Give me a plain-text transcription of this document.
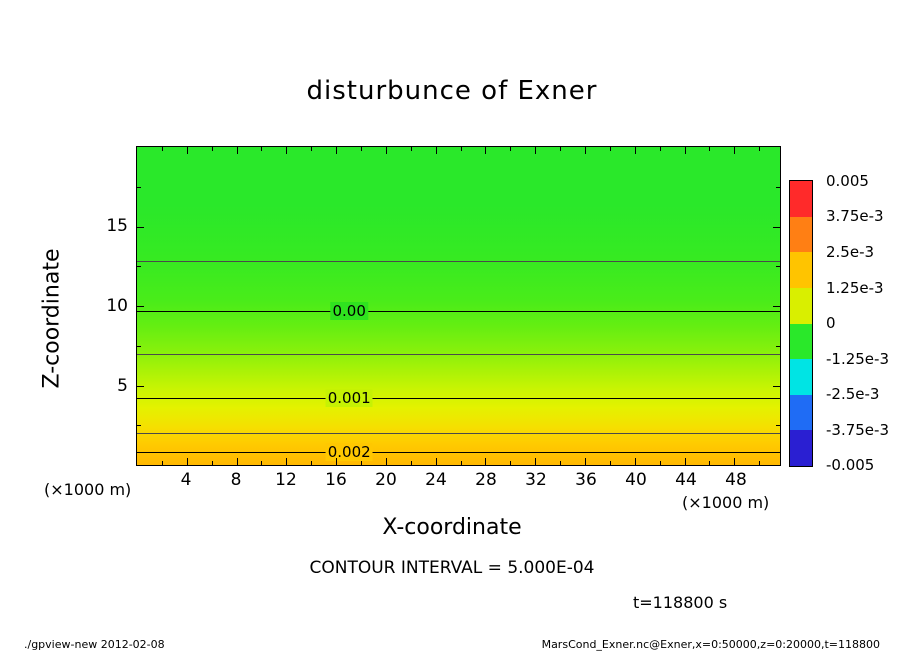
disturbunce of Exner
0.00
0.001
0.002
4 8 12 16 20 24 28 32 36 40 44 48
5
10
15
Z-coordinate
X-coordinate
(×1000 m)
(×1000 m)
CONTOUR INTERVAL = 5.000E-04
t=118800 s
./gpview-new 2012-02-08	MarsCond_Exner.nc@Exner,x=0:50000,z=0:20000,t=118800
0.005
3.75e-3
2.5e-3
1.25e-3
0
-1.25e-3
-2.5e-3
-3.75e-3
-0.005
